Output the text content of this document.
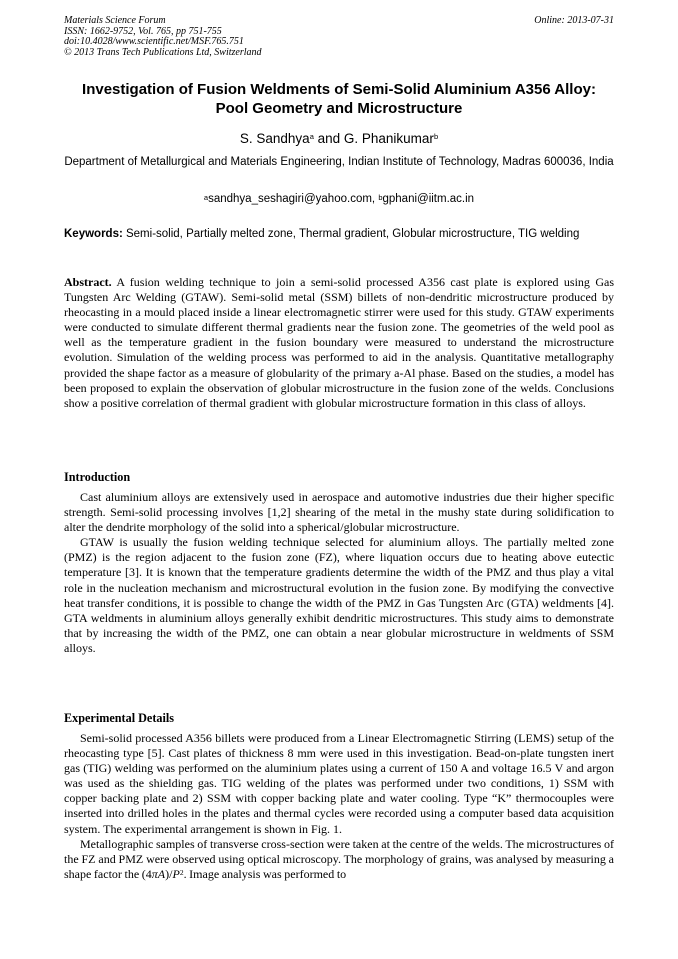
Materials Science Forum
ISSN: 1662-9752, Vol. 765, pp 751-755
doi:10.4028/www.scientific.net/MSF.765.751
© 2013 Trans Tech Publications Ltd, Switzerland
Online: 2013-07-31
Investigation of Fusion Weldments of Semi-Solid Aluminium A356 Alloy:
Pool Geometry and Microstructure
S. Sandhya$^a$ and G. Phanikumar$^b$
Department of Metallurgical and Materials Engineering, Indian Institute of Technology, Madras 600036, India
$^a$sandhya_seshagiri@yahoo.com, $^b$gphani@iitm.ac.in
Keywords: Semi-solid, Partially melted zone, Thermal gradient, Globular microstructure, TIG welding
Abstract. A fusion welding technique to join a semi-solid processed A356 cast plate is explored using Gas Tungsten Arc Welding (GTAW). Semi-solid metal (SSM) billets of non-dendritic microstructure produced by rheocasting in a mould placed inside a linear electromagnetic stirrer were used for this study. GTAW experiments were conducted to simulate different thermal gradients near the fusion zone. The geometries of the weld pool as well as the temperature gradient in the fusion boundary were measured to understand the microstructure evolution. Simulation of the welding process was performed to aid in the analysis. Quantitative metallography provided the shape factor as a measure of globularity of the primary a-Al phase. Based on the studies, a model has been proposed to explain the observation of globular microstructure in the fusion zone of the welds. Conclusions show a positive correlation of thermal gradient with globular microstructure formation in this class of alloys.
Introduction

Cast aluminium alloys are extensively used in aerospace and automotive industries due their higher specific strength. Semi-solid processing involves [1,2] shearing of the metal in the mushy state during solidification to alter the dendrite morphology of the solid into a spherical/globular microstructure.

GTAW is usually the fusion welding technique selected for aluminium alloys. The partially melted zone (PMZ) is the region adjacent to the fusion zone (FZ), where liquation occurs due to heating above eutectic temperature [3]. It is known that the temperature gradients determine the width of the PMZ and thus play a vital role in the nucleation mechanism and microstructural evolution in the fusion zone. By modifying the convective heat transfer conditions, it is possible to change the width of the PMZ in Gas Tungsten Arc (GTA) weldments [4]. GTA weldments in aluminium alloys generally exhibit dendritic microstructures. This study aims to demonstrate that by increasing the width of the PMZ, one can obtain a near globular microstructure in weldments of SSM alloys.

Experimental Details

Semi-solid processed A356 billets were produced from a Linear Electromagnetic Stirring (LEMS) setup of the rheocasting type [5]. Cast plates of thickness 8 mm were used in this investigation. Bead-on-plate tungsten inert gas (TIG) welding was performed on the aluminium plates using a current of 150 A and voltage 16.5 V and argon was used as the shielding gas. TIG welding of the plates was performed under two conditions, 1) SSM with copper backing plate and 2) SSM with copper backing plate and water cooling. Type “K” thermocouples were inserted into drilled holes in the plates and thermal cycles were recorded using a computer based data acquisition system. The experimental arrangement is shown in Fig. 1.

Metallographic samples of transverse cross-section were taken at the centre of the welds. The microstructures of the FZ and PMZ were observed using optical microscopy. The morphology of grains, was analysed by measuring a shape factor the $(4\pi A)/P^2$. Image analysis was performed to
